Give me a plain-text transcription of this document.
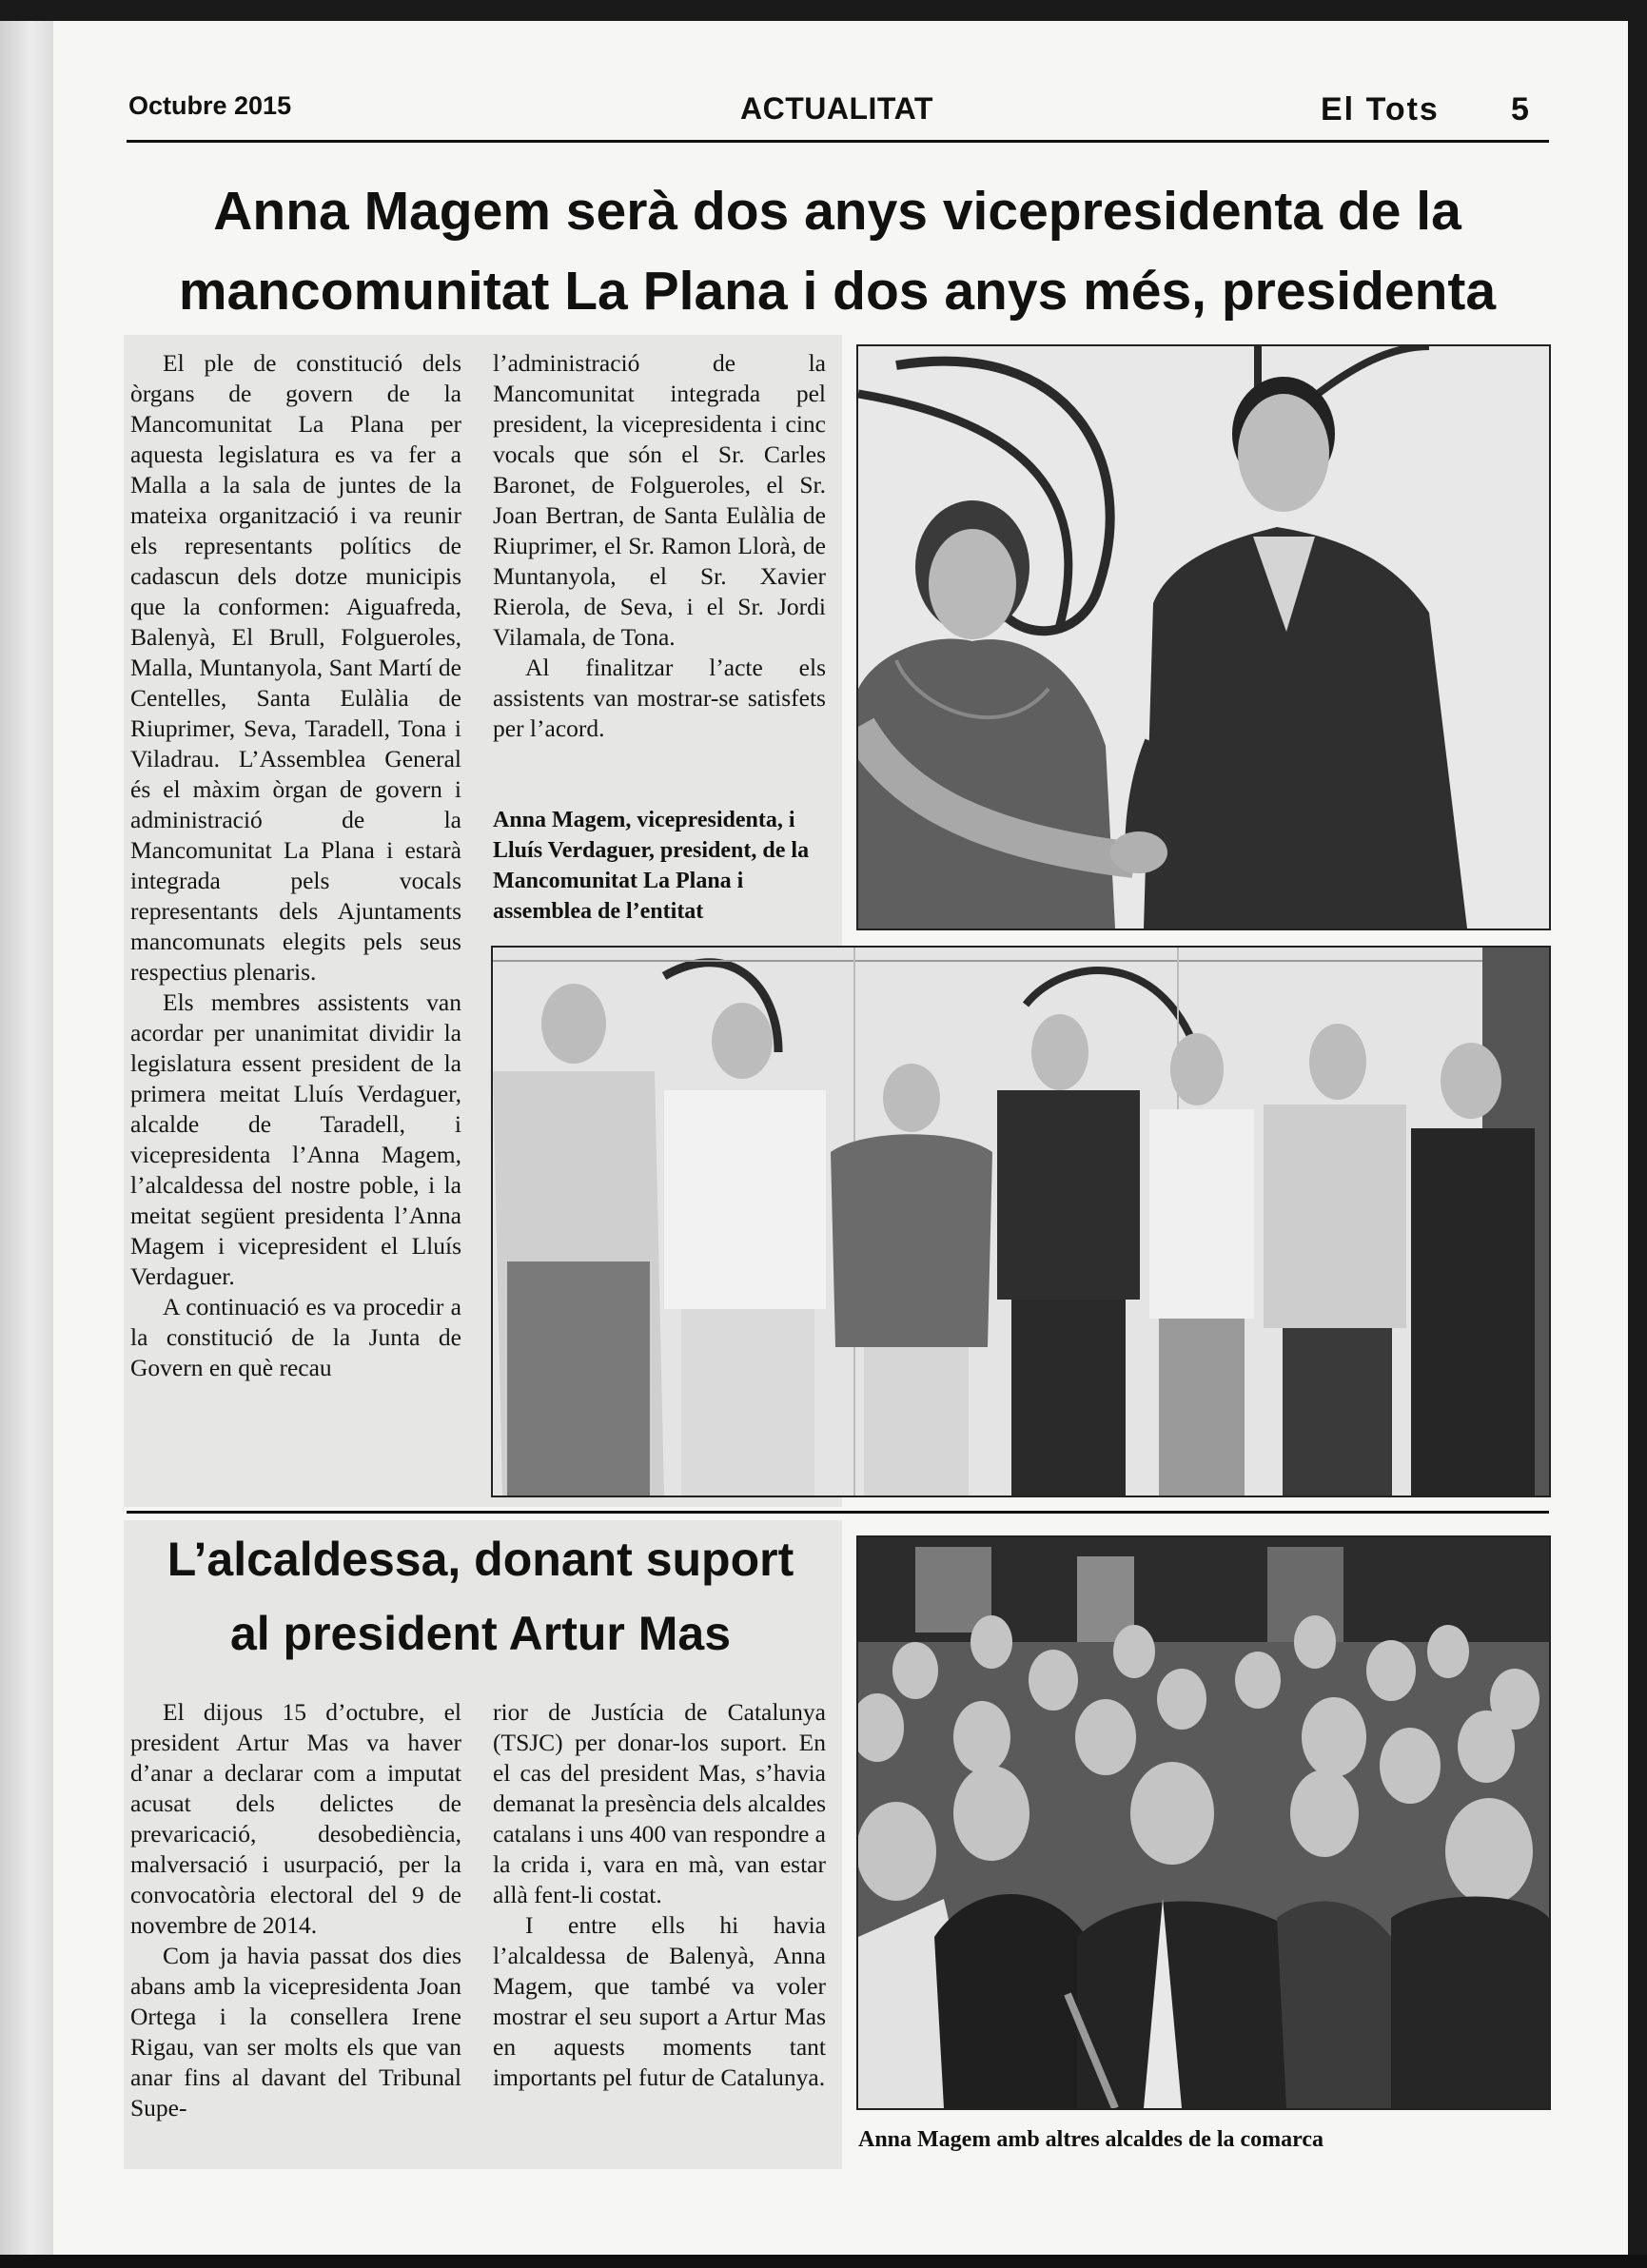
Octubre 2015	ACTUALITAT	El Tots 5
Anna Magem serà dos anys vicepresidenta de la
mancomunitat La Plana i dos anys més, presidenta

El ple de constitució dels òrgans de govern de la Mancomunitat La Plana per aquesta legislatura es va fer a Malla a la sala de juntes de la mateixa organització i va reunir els representants polítics de cadascun dels dotze municipis que la conformen: Aiguafreda, Balenyà, El Brull, Folgueroles, Malla, Muntanyola, Sant Martí de Centelles, Santa Eulàlia de Riuprimer, Seva, Taradell, Tona i Viladrau. L’Assemblea General és el màxim òrgan de govern i administració de la Mancomunitat La Plana i estarà integrada pels vocals representants dels Ajuntaments mancomunats elegits pels seus respectius plenaris.

Els membres assistents van acordar per unanimitat dividir la legislatura essent president de la primera meitat Lluís Verdaguer, alcalde de Taradell, i vicepresidenta l’Anna Magem, l’alcaldessa del nostre poble, i la meitat següent presidenta l’Anna Magem i vicepresident el Lluís Verdaguer.

A continuació es va procedir a la constitució de la Junta de Govern en què recau

l’administració de la Mancomunitat integrada pel president, la vicepresidenta i cinc vocals que són el Sr. Carles Baronet, de Folgueroles, el Sr. Joan Bertran, de Santa Eulàlia de Riuprimer, el Sr. Ramon Llorà, de Muntanyola, el Sr. Xavier Rierola, de Seva, i el Sr. Jordi Vilamala, de Tona.

Al finalitzar l’acte els assistents van mostrar-se satisfets per l’acord.

Anna Magem, vicepresidenta, i Lluís Verdaguer, president, de la Mancomunitat La Plana i assemblea de l’entitat
L’alcaldessa, donant suport
al president Artur Mas

El dijous 15 d’octubre, el president Artur Mas va haver d’anar a declarar com a imputat acusat dels delictes de prevaricació, desobediència, malversació i usurpació, per la convocatòria electoral del 9 de novembre de 2014.

Com ja havia passat dos dies abans amb la vicepresidenta Joan Ortega i la consellera Irene Rigau, van ser molts els que van anar fins al davant del Tribunal Supe-

rior de Justícia de Catalunya (TSJC) per donar-los suport. En el cas del president Mas, s’havia demanat la presència dels alcaldes catalans i uns 400 van respondre a la crida i, vara en mà, van estar allà fent-li costat.

I entre ells hi havia l’alcaldessa de Balenyà, Anna Magem, que també va voler mostrar el seu suport a Artur Mas en aquests moments tant importants pel futur de Catalunya.

Anna Magem amb altres alcaldes de la comarca
